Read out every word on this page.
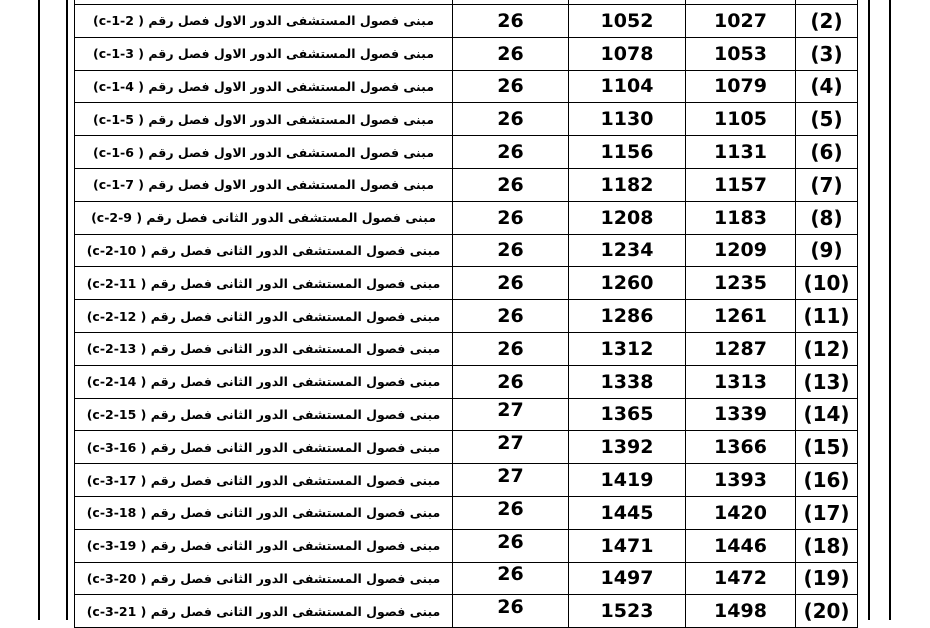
مبنى فصول المستشفى الدور الاول فصل رقم ( c-1-2)	26	1052	1027	(2)
مبنى فصول المستشفى الدور الاول فصل رقم ( c-1-3)	26	1078	1053	(3)
مبنى فصول المستشفى الدور الاول فصل رقم ( c-1-4)	26	1104	1079	(4)
مبنى فصول المستشفى الدور الاول فصل رقم ( c-1-5)	26	1130	1105	(5)
مبنى فصول المستشفى الدور الاول فصل رقم ( c-1-6)	26	1156	1131	(6)
مبنى فصول المستشفى الدور الاول فصل رقم ( c-1-7)	26	1182	1157	(7)
مبنى فصول المستشفى الدور الثانى فصل رقم ( c-2-9)	26	1208	1183	(8)
مبنى فصول المستشفى الدور الثانى فصل رقم ( c-2-10)	26	1234	1209	(9)
مبنى فصول المستشفى الدور الثانى فصل رقم ( c-2-11)	26	1260	1235	(10)
مبنى فصول المستشفى الدور الثانى فصل رقم ( c-2-12)	26	1286	1261	(11)
مبنى فصول المستشفى الدور الثانى فصل رقم ( c-2-13)	26	1312	1287	(12)
مبنى فصول المستشفى الدور الثانى فصل رقم ( c-2-14)	26	1338	1313	(13)
مبنى فصول المستشفى الدور الثانى فصل رقم ( c-2-15)	27	1365	1339	(14)
مبنى فصول المستشفى الدور الثانى فصل رقم ( c-3-16)	27	1392	1366	(15)
مبنى فصول المستشفى الدور الثانى فصل رقم ( c-3-17)	27	1419	1393	(16)
مبنى فصول المستشفى الدور الثانى فصل رقم ( c-3-18)	26	1445	1420	(17)
مبنى فصول المستشفى الدور الثانى فصل رقم ( c-3-19)	26	1471	1446	(18)
مبنى فصول المستشفى الدور الثانى فصل رقم ( c-3-20)	26	1497	1472	(19)
مبنى فصول المستشفى الدور الثانى فصل رقم ( c-3-21)	26	1523	1498	(20)
